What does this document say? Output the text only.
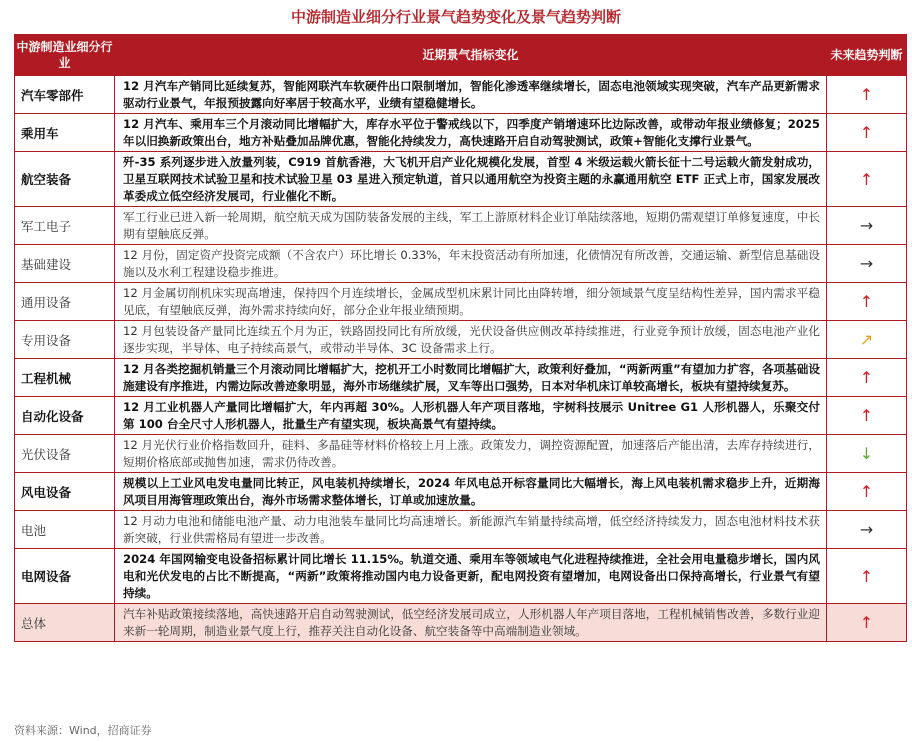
中游制造业细分行业景气趋势变化及景气趋势判断
中游制造业细分行业	近期景气指标变化	未来趋势判断
汽车零部件	12 月汽车产销同比延续复苏，智能网联汽车软硬件出口限制增加，智能化渗透率继续增长，固态电池领域实现突破，汽车产品更新需求驱动行业景气，年报预披露向好率居于较高水平，业绩有望稳健增长。	↑
乘用车	12 月汽车、乘用车三个月滚动同比增幅扩大，库存水平位于警戒线以下，四季度产销增速环比边际改善，或带动年报业绩修复；2025 年以旧换新政策出台，地方补贴叠加品牌优惠，智能化持续发力，高快速路开启自动驾驶测试，政策+智能化支撑行业景气。	↑
航空装备	歼-35 系列逐步进入放量列装，C919 首航香港，大飞机开启产业化规模化发展，首型 4 米级运载火箭长征十二号运载火箭发射成功，卫星互联网技术试验卫星和技术试验卫星 03 星进入预定轨道，首只以通用航空为投资主题的永赢通用航空 ETF 正式上市，国家发展改革委成立低空经济发展司，行业催化不断。	↑
军工电子	军工行业已进入新一轮周期，航空航天成为国防装备发展的主线，军工上游原材料企业订单陆续落地，短期仍需观望订单修复速度，中长期有望触底反弹。	→
基础建设	12 月份，固定资产投资完成额（不含农户）环比增长 0.33%，年末投资活动有所加速，化债情况有所改善，交通运输、新型信息基础设施以及水利工程建设稳步推进。	→
通用设备	12 月金属切削机床实现高增速，保持四个月连续增长，金属成型机床累计同比由降转增，细分领域景气度呈结构性差异，国内需求平稳见底，有望触底反弹，海外需求持续向好，部分企业年报业绩预期。	↑
专用设备	12 月包装设备产量同比连续五个月为正，铁路固投同比有所放缓，光伏设备供应侧改革持续推进，行业竞争预计放缓，固态电池产业化逐步实现，半导体、电子持续高景气，或带动半导体、3C 设备需求上行。	↗
工程机械	12 月各类挖掘机销量三个月滚动同比增幅扩大，挖机开工小时数同比增幅扩大，政策利好叠加，“两新两重”有望加力扩容，各项基础设施建设有序推进，内需边际改善迹象明显，海外市场继续扩展，叉车等出口强势，日本对华机床订单较高增长，板块有望持续复苏。	↑
自动化设备	12 月工业机器人产量同比增幅扩大，年内再超 30%。人形机器人年产项目落地，宇树科技展示 Unitree G1 人形机器人，乐聚交付第 100 台全尺寸人形机器人，批量生产有望实现，板块高景气有望持续。	↑
光伏设备	12 月光伏行业价格指数回升，硅料、多晶硅等材料价格较上月上涨。政策发力，调控资源配置，加速落后产能出清，去库存持续进行，短期价格底部或抛售加速，需求仍待改善。	↓
风电设备	规模以上工业风电发电量同比转正，风电装机持续增长，2024 年风电总开标容量同比大幅增长，海上风电装机需求稳步上升，近期海风项目用海管理政策出台，海外市场需求整体增长，订单或加速放量。	↑
电池	12 月动力电池和储能电池产量、动力电池装车量同比均高速增长。新能源汽车销量持续高增，低空经济持续发力，固态电池材料技术获新突破，行业供需格局有望进一步改善。	→
电网设备	2024 年国网输变电设备招标累计同比增长 11.15%。轨道交通、乘用车等领域电气化进程持续推进，全社会用电量稳步增长，国内风电和光伏发电的占比不断提高，“两新”政策将推动国内电力设备更新，配电网投资有望增加，电网设备出口保持高增长，行业景气有望持续。	↑
总体	汽车补贴政策接续落地，高快速路开启自动驾驶测试，低空经济发展司成立，人形机器人年产项目落地，工程机械销售改善，多数行业迎来新一轮周期，制造业景气度上行，推荐关注自动化设备、航空装备等中高端制造业领域。	↑
资料来源：Wind，招商证券
